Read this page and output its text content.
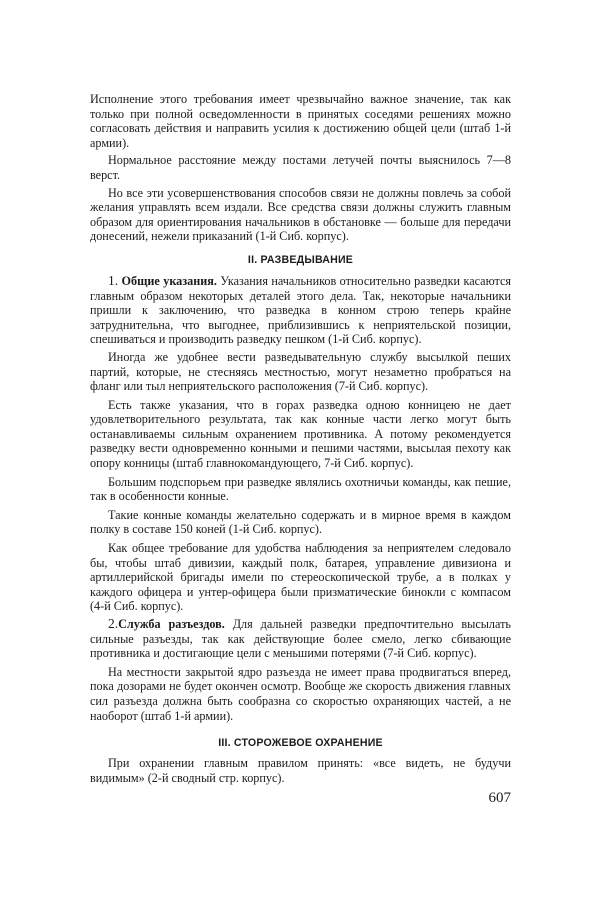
Исполнение этого требования имеет чрезвычайно важное значение, так как только при полной осведомленности в принятых соседями решениях можно согласовать действия и направить усилия к достижению общей цели (штаб 1-й армии).

Нормальное расстояние между постами летучей почты выяснилось 7—8 верст.

Но все эти усовершенствования способов связи не должны повлечь за собой желания управлять всем издали. Все средства связи должны служить главным образом для ориентирования начальников в обстановке — больше для передачи донесений, нежели приказаний (1-й Сиб. корпус).

II. РАЗВЕДЫВАНИЕ

1. Общие указания. Указания начальников относительно разведки касаются главным образом некоторых деталей этого дела. Так, некоторые начальники пришли к заключению, что разведка в конном строю теперь крайне затруднительна, что выгоднее, приблизившись к неприятельской позиции, спешиваться и производить разведку пешком (1-й Сиб. корпус).

Иногда же удобнее вести разведывательную службу высылкой пеших партий, которые, не стесняясь местностью, могут незаметно пробраться на фланг или тыл неприятельского расположения (7-й Сиб. корпус).

Есть также указания, что в горах разведка одною конницею не дает удовлетворительного результата, так как конные части легко могут быть останавливаемы сильным охранением противника. А потому рекомендуется разведку вести одновременно конными и пешими частями, высылая пехоту как опору конницы (штаб главнокомандующего, 7-й Сиб. корпус).

Большим подспорьем при разведке являлись охотничьи команды, как пешие, так в особенности конные.

Такие конные команды желательно содержать и в мирное время в каждом полку в составе 150 коней (1-й Сиб. корпус).

Как общее требование для удобства наблюдения за неприятелем следовало бы, чтобы штаб дивизии, каждый полк, батарея, управление дивизиона и артиллерийской бригады имели по стереоскопической трубе, а в полках у каждого офицера и унтер-офицера были призматические бинокли с компасом (4-й Сиб. корпус).

2.Служба разъездов. Для дальней разведки предпочтительно высылать сильные разъезды, так как действующие более смело, легко сбивающие противника и достигающие цели с меньшими потерями (7-й Сиб. корпус).

На местности закрытой ядро разъезда не имеет права продвигаться вперед, пока дозорами не будет окончен осмотр. Вообще же скорость движения главных сил разъезда должна быть сообразна со скоростью охраняющих частей, а не наоборот (штаб 1-й армии).

III. СТОРОЖЕВОЕ ОХРАНЕНИЕ

При охранении главным правилом принять: «все видеть, не будучи видимым» (2-й сводный стр. корпус).

607
